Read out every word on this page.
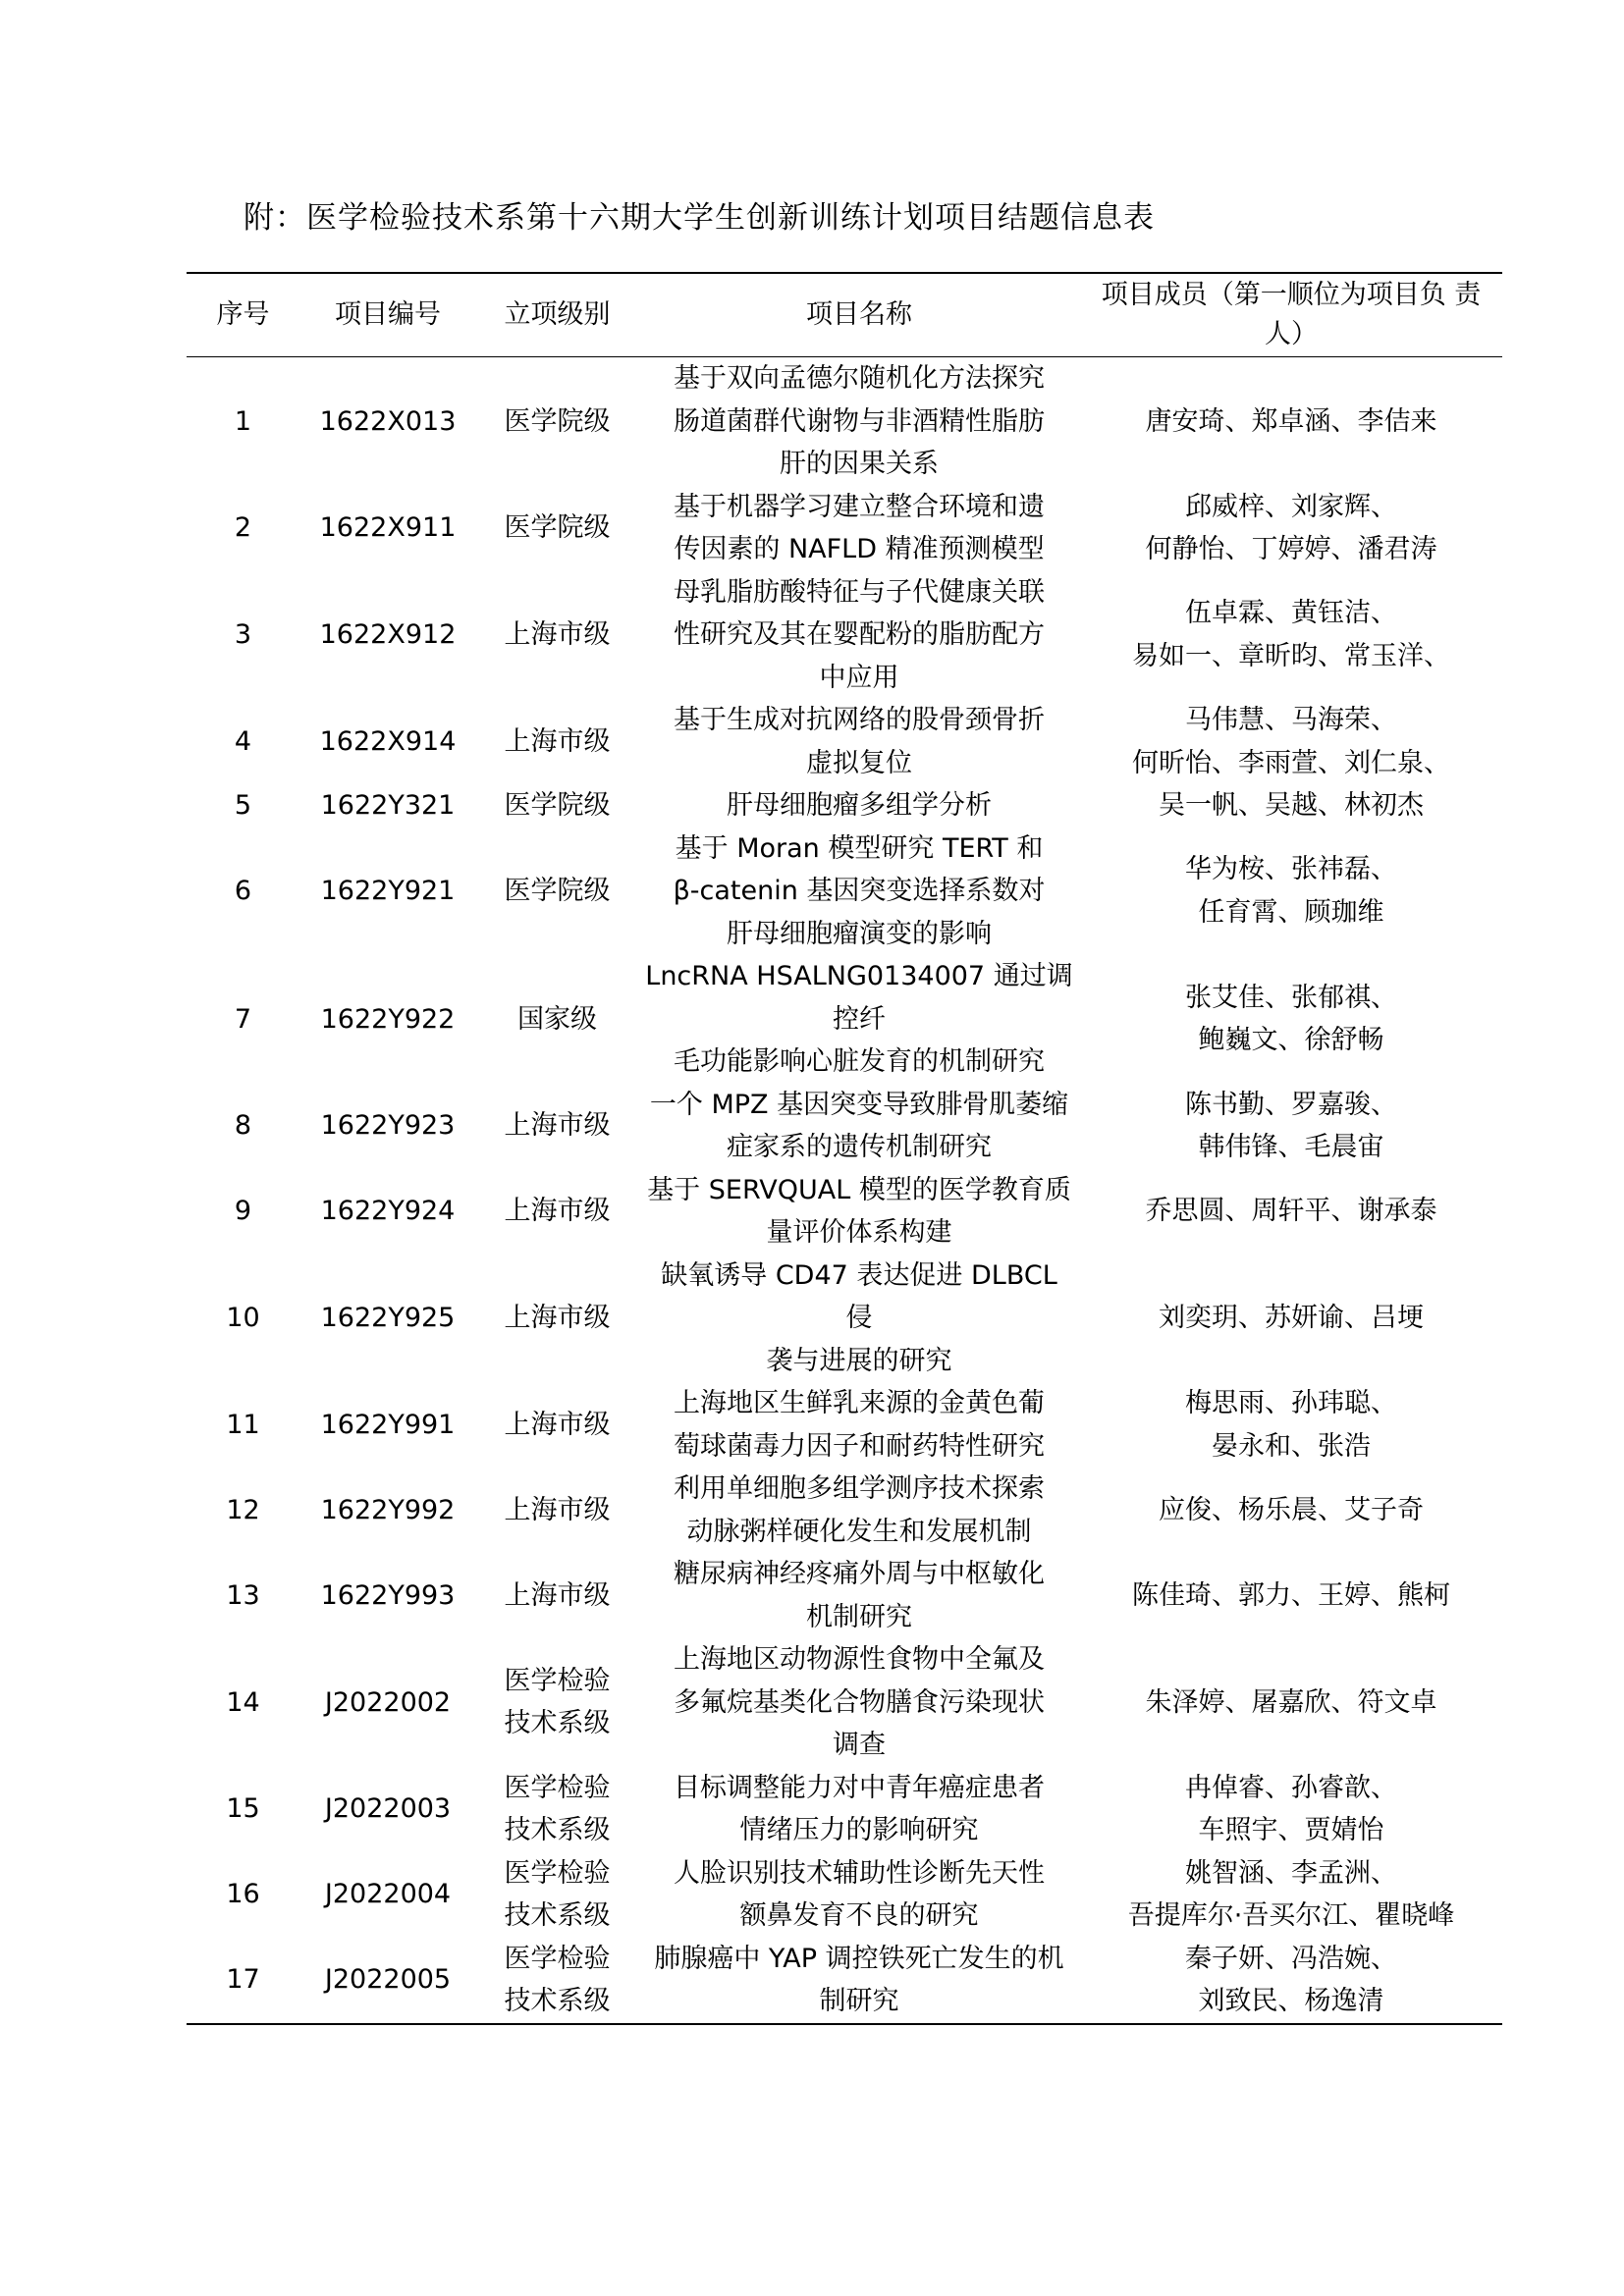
附：医学检验技术系第十六期大学生创新训练计划项目结题信息表
序号	项目编号	立项级别	项目名称	项目成员（第一顺位为项目负 责人）
1	1622X013	医学院级	基于双向孟德尔随机化方法探究
肠道菌群代谢物与非酒精性脂肪
肝的因果关系	唐安琦、郑卓涵、李佶来
2	1622X911	医学院级	基于机器学习建立整合环境和遗
传因素的 NAFLD 精准预测模型	邱威梓、刘家辉、
何静怡、丁婷婷、潘君涛
3	1622X912	上海市级	母乳脂肪酸特征与子代健康关联
性研究及其在婴配粉的脂肪配方
中应用	伍卓霖、黄钰洁、
易如一、章昕昀、常玉洋、
4	1622X914	上海市级	基于生成对抗网络的股骨颈骨折
虚拟复位	马伟慧、马海荣、
何昕怡、李雨萱、刘仁泉、
5	1622Y321	医学院级	肝母细胞瘤多组学分析	吴一帆、吴越、林初杰
6	1622Y921	医学院级	基于 Moran 模型研究 TERT 和
β-catenin 基因突变选择系数对
肝母细胞瘤演变的影响	华为桉、张祎磊、
任育霄、顾珈维
7	1622Y922	国家级	LncRNA HSALNG0134007 通过调控纤
毛功能影响心脏发育的机制研究	张艾佳、张郁祺、
鲍巍文、徐舒畅
8	1622Y923	上海市级	一个 MPZ 基因突变导致腓骨肌萎缩
症家系的遗传机制研究	陈书勤、罗嘉骏、
韩伟锋、毛晨宙
9	1622Y924	上海市级	基于 SERVQUAL 模型的医学教育质
量评价体系构建	乔思圆、周轩平、谢承泰
10	1622Y925	上海市级	缺氧诱导 CD47 表达促进 DLBCL 侵
袭与进展的研究	刘奕玥、苏妍谕、吕埂
11	1622Y991	上海市级	上海地区生鲜乳来源的金黄色葡
萄球菌毒力因子和耐药特性研究	梅思雨、孙玮聪、
晏永和、张浩
12	1622Y992	上海市级	利用单细胞多组学测序技术探索
动脉粥样硬化发生和发展机制	应俊、杨乐晨、艾子奇
13	1622Y993	上海市级	糖尿病神经疼痛外周与中枢敏化
机制研究	陈佳琦、郭力、王婷、熊柯
14	J2022002	医学检验
技术系级	上海地区动物源性食物中全氟及
多氟烷基类化合物膳食污染现状
调查	朱泽婷、屠嘉欣、符文卓
15	J2022003	医学检验
技术系级	目标调整能力对中青年癌症患者
情绪压力的影响研究	冉倬睿、孙睿歆、
车照宇、贾婧怡
16	J2022004	医学检验
技术系级	人脸识别技术辅助性诊断先天性
额鼻发育不良的研究	姚智涵、李孟洲、
吾提库尔·吾买尔江、瞿晓峰
17	J2022005	医学检验
技术系级	肺腺癌中 YAP 调控铁死亡发生的机
制研究	秦子妍、冯浩婉、
刘致民、杨逸清
